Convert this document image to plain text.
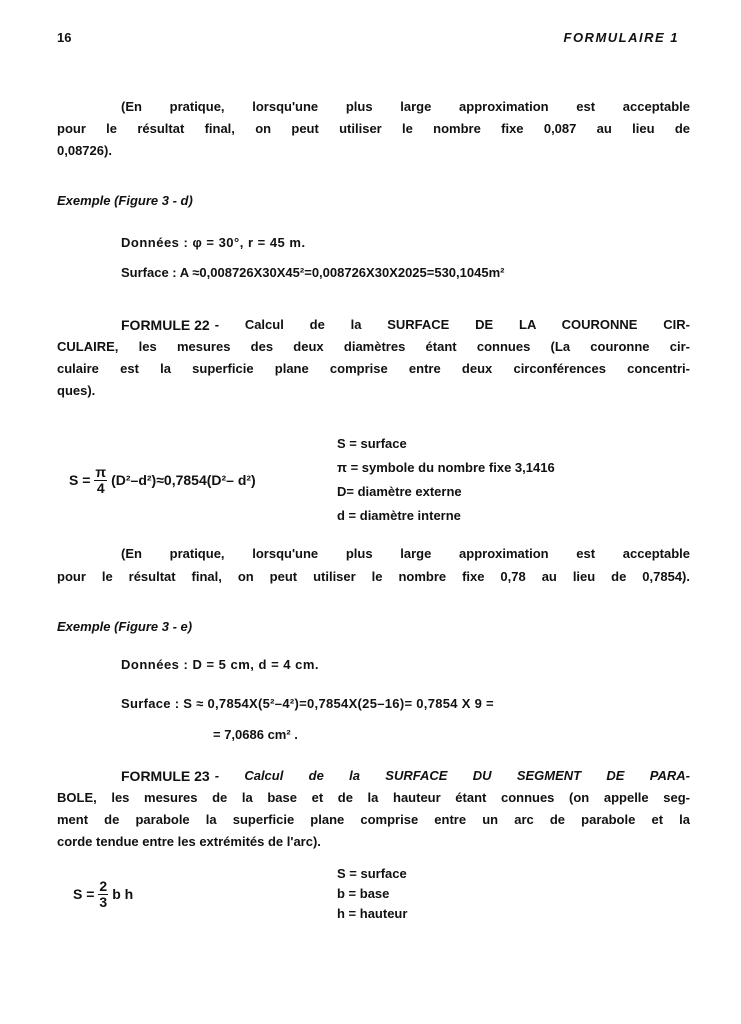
16	FORMULAIRE 1
(En pratique, lorsqu'une plus large approximation est acceptable
pour le résultat final, on peut utiliser le nombre fixe 0,087 au lieu de
0,08726).
Exemple (Figure 3 - d)
Données : φ = 30°, r = 45 m.
Surface : A ≈0,008726X30X45²=0,008726X30X2025=530,1045m²
FORMULE 22 - Calcul de la SURFACE DE LA COURONNE CIR-
CULAIRE, les mesures des deux diamètres étant connues (La couronne cir-
culaire est la superficie plane comprise entre deux circonférences concentri-
ques).
$S = \frac{\pi}{4} (D^2-d^2)\approx 0,7854(D^2-$ d²)
S = surface
π = symbole du nombre fixe 3,1416
D= diamètre externe
d = diamètre interne
(En pratique, lorsqu'une plus large approximation est acceptable
pour le résultat final, on peut utiliser le nombre fixe 0,78 au lieu de 0,7854).
Exemple (Figure 3 - e)
Données : D = 5 cm, d = 4 cm.
Surface : S ≈ 0,7854X(5²–4²)=0,7854X(25–16)= 0,7854 X 9 =
= 7,0686 cm² .
FORMULE 23 - Calcul de la SURFACE DU SEGMENT DE PARA-
BOLE, les mesures de la base et de la hauteur étant connues (on appelle seg-
ment de parabole la superficie plane comprise entre un arc de parabole et la
corde tendue entre les extrémités de l'arc).
$S = \frac{2}{3}$ b h
S = surface
b = base
h = hauteur
